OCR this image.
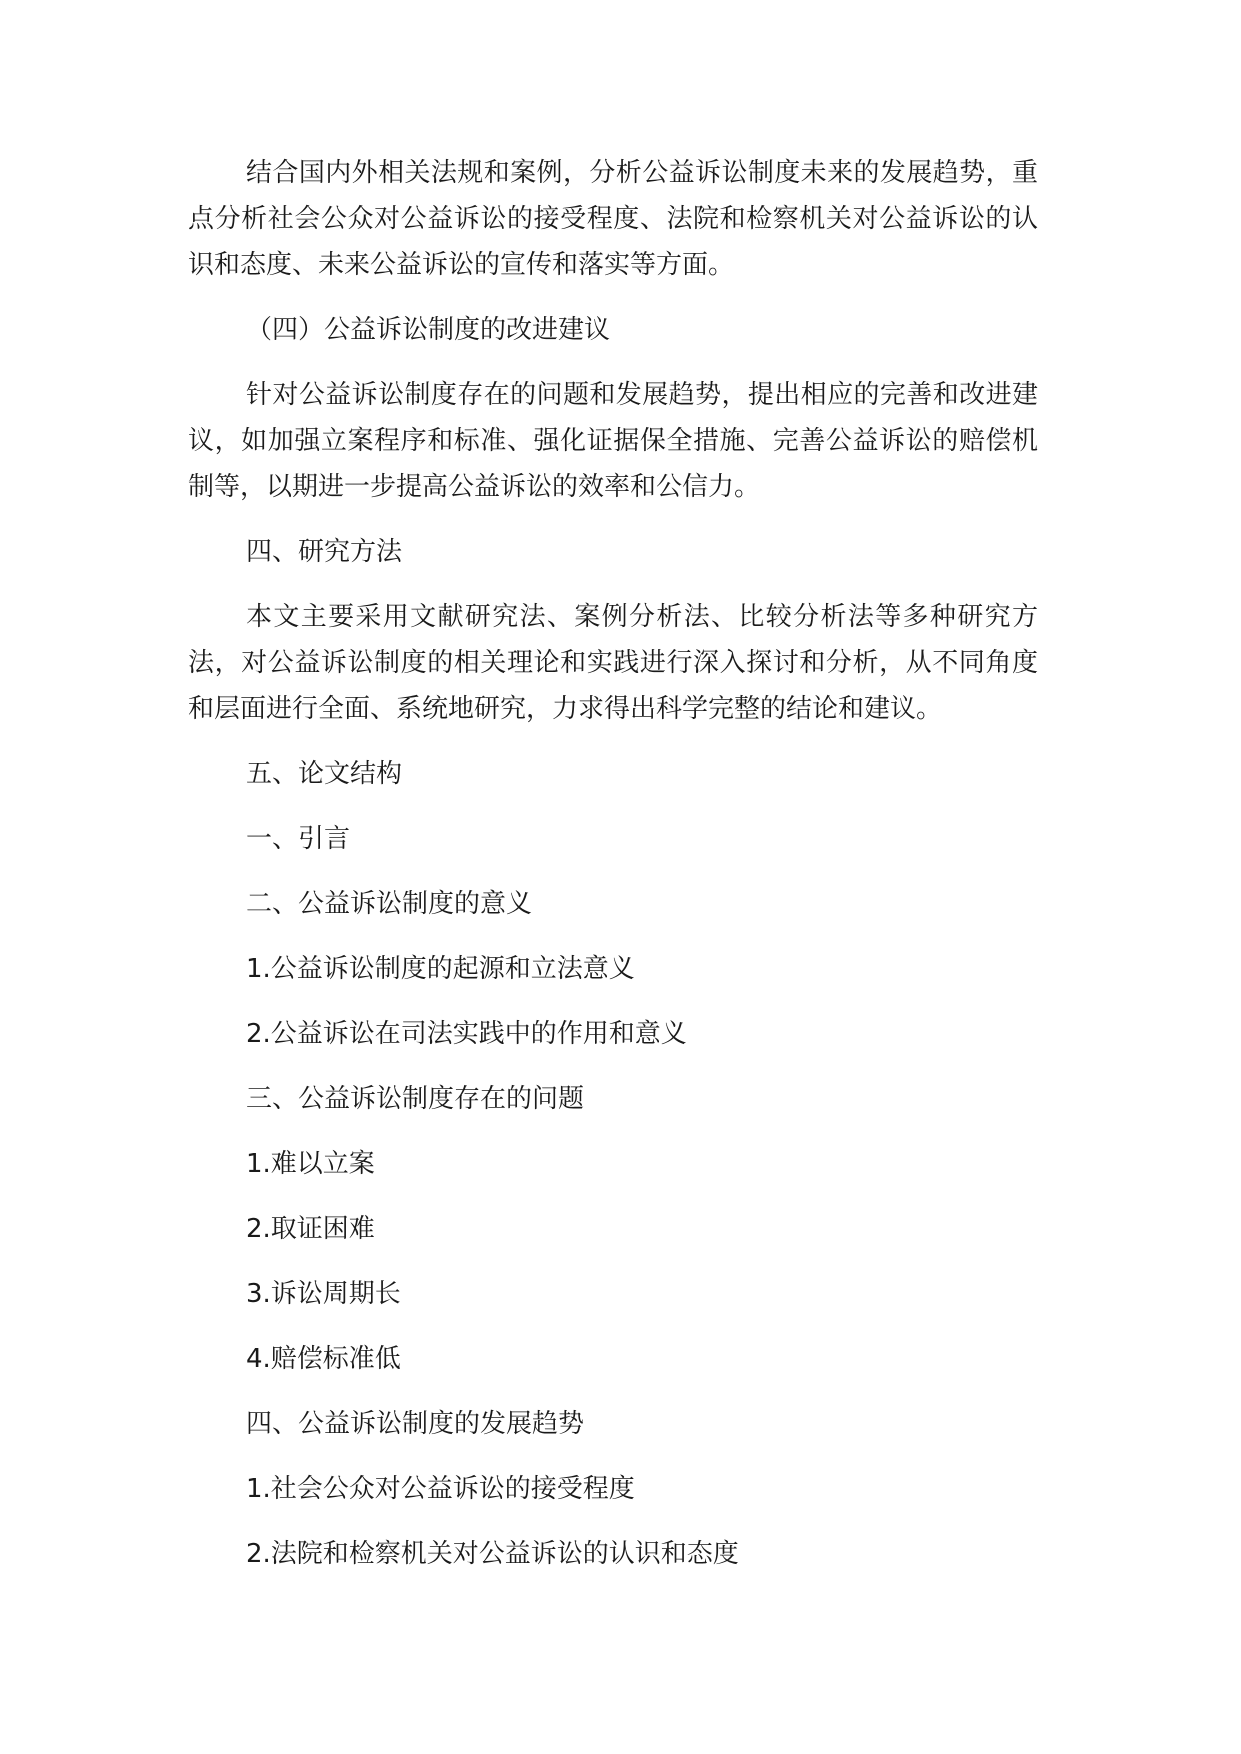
结合国内外相关法规和案例，分析公益诉讼制度未来的发展趋势，重点分析社会公众对公益诉讼的接受程度、法院和检察机关对公益诉讼的认识和态度、未来公益诉讼的宣传和落实等方面。

（四）公益诉讼制度的改进建议

针对公益诉讼制度存在的问题和发展趋势，提出相应的完善和改进建议，如加强立案程序和标准、强化证据保全措施、完善公益诉讼的赔偿机制等，以期进一步提高公益诉讼的效率和公信力。

四、研究方法

本文主要采用文献研究法、案例分析法、比较分析法等多种研究方法，对公益诉讼制度的相关理论和实践进行深入探讨和分析，从不同角度和层面进行全面、系统地研究，力求得出科学完整的结论和建议。

五、论文结构

一、引言

二、公益诉讼制度的意义

1.公益诉讼制度的起源和立法意义

2.公益诉讼在司法实践中的作用和意义

三、公益诉讼制度存在的问题

1.难以立案

2.取证困难

3.诉讼周期长

4.赔偿标准低

四、公益诉讼制度的发展趋势

1.社会公众对公益诉讼的接受程度

2.法院和检察机关对公益诉讼的认识和态度
